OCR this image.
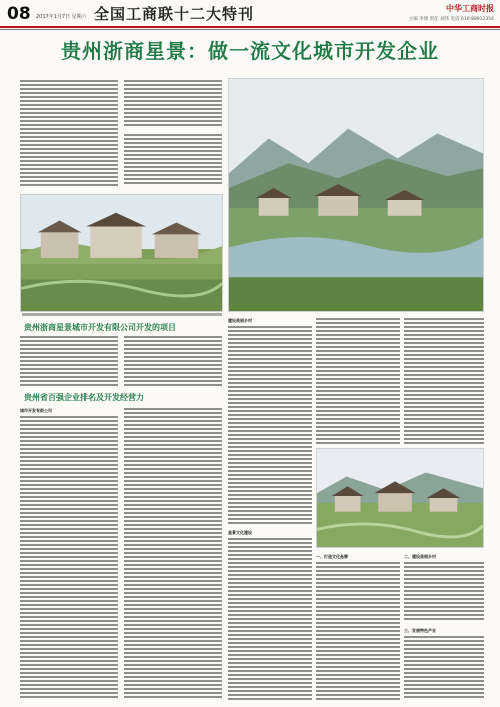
08 2017年1月7日 星期六 全国工商联十二大特刊	中华工商时报
主编 李博 责任 刘伟 电话 010-88912356
贵州浙商星景：做一流文化城市开发企业
贵州浙商星景城市开发有限公司开发的项目
贵州省百强企业排名及开发经营力
城市开发有限公司
建设美丽乡村
星景文化建设
一、打造文化品牌	二、建设美丽乡村
三、发展特色产业
